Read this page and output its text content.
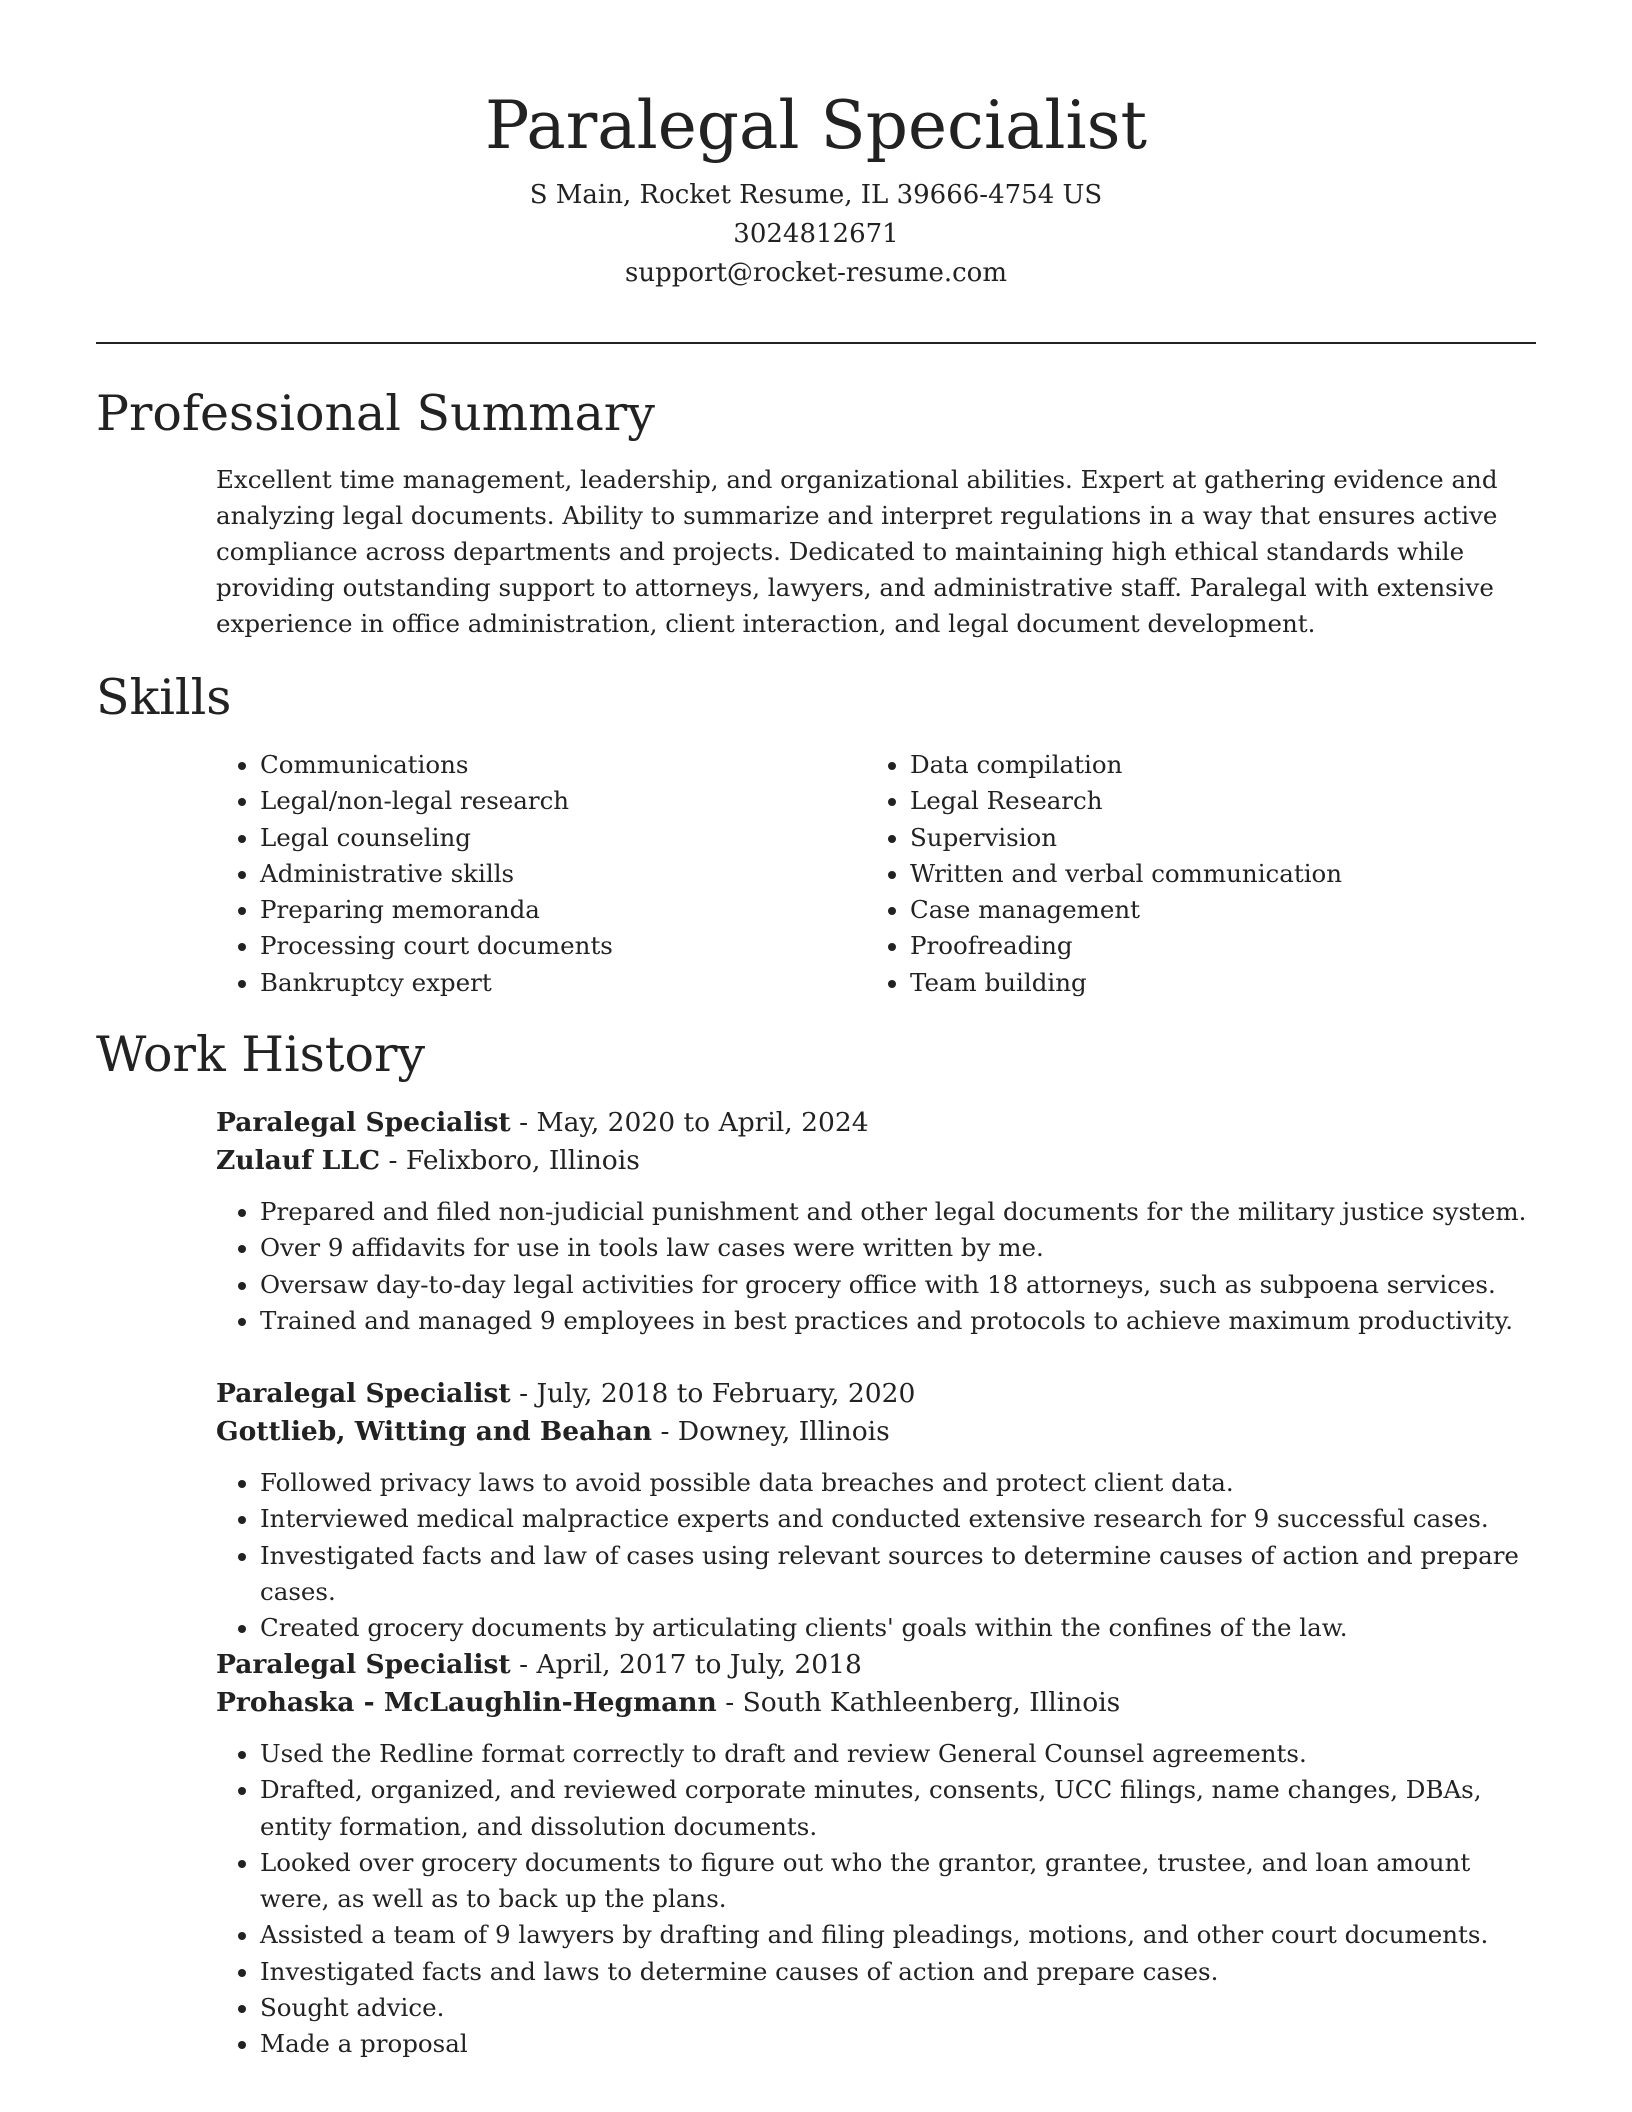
Paralegal Specialist
S Main, Rocket Resume, IL 39666-4754 US
3024812671
support@rocket-resume.com
Professional Summary

Excellent time management, leadership, and organizational abilities. Expert at gathering evidence and analyzing legal documents. Ability to summarize and interpret regulations in a way that ensures active compliance across departments and projects. Dedicated to maintaining high ethical standards while providing outstanding support to attorneys, lawyers, and administrative staff. Paralegal with extensive experience in office administration, client interaction, and legal document development.

Skills
• Communications
• Legal/non-legal research
• Legal counseling
• Administrative skills
• Preparing memoranda
• Processing court documents
• Bankruptcy expert
• Data compilation
• Legal Research
• Supervision
• Written and verbal communication
• Case management
• Proofreading
• Team building
Work History

Paralegal Specialist - May, 2020 to April, 2024

Zulauf LLC - Felixboro, Illinois

• Prepared and filed non-judicial punishment and other legal documents for the military justice system.
• Over 9 affidavits for use in tools law cases were written by me.
• Oversaw day-to-day legal activities for grocery office with 18 attorneys, such as subpoena services.
• Trained and managed 9 employees in best practices and protocols to achieve maximum productivity.

Paralegal Specialist - July, 2018 to February, 2020

Gottlieb, Witting and Beahan - Downey, Illinois

• Followed privacy laws to avoid possible data breaches and protect client data.
• Interviewed medical malpractice experts and conducted extensive research for 9 successful cases.
• Investigated facts and law of cases using relevant sources to determine causes of action and prepare cases.
• Created grocery documents by articulating clients' goals within the confines of the law.

Paralegal Specialist - April, 2017 to July, 2018

Prohaska - McLaughlin-Hegmann - South Kathleenberg, Illinois

• Used the Redline format correctly to draft and review General Counsel agreements.
• Drafted, organized, and reviewed corporate minutes, consents, UCC filings, name changes, DBAs, entity formation, and dissolution documents.
• Looked over grocery documents to figure out who the grantor, grantee, trustee, and loan amount were, as well as to back up the plans.
• Assisted a team of 9 lawyers by drafting and filing pleadings, motions, and other court documents.
• Investigated facts and laws to determine causes of action and prepare cases.
• Sought advice.
• Made a proposal
